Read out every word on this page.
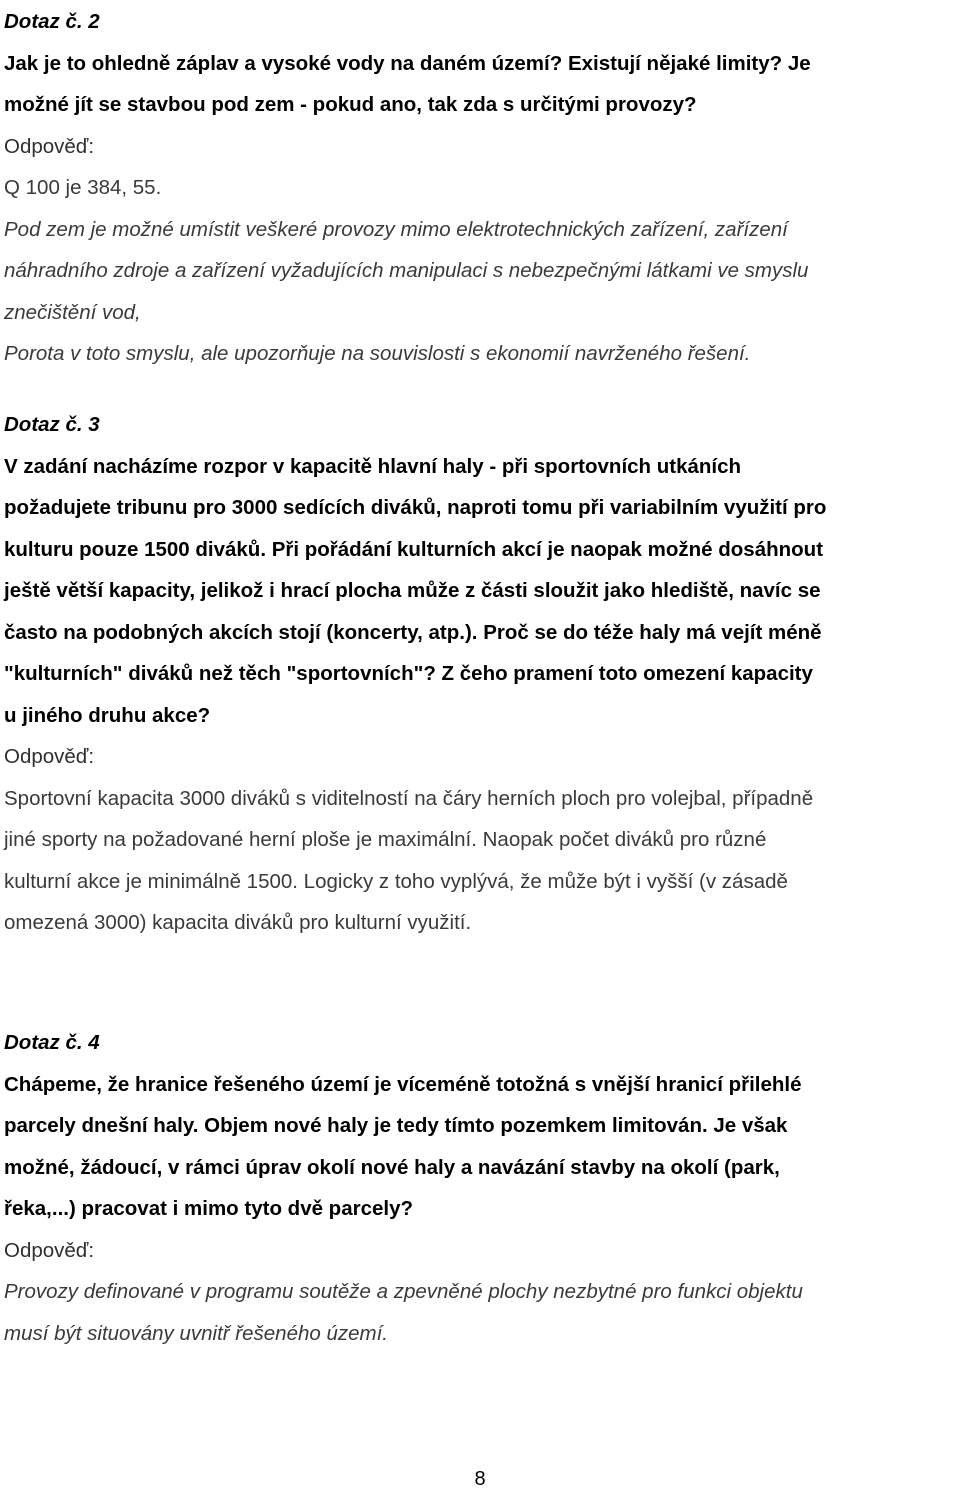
Dotaz č. 2
Jak je to ohledně záplav a vysoké vody na daném území? Existují nějaké limity? Je
možné jít se stavbou pod zem - pokud ano, tak zda s určitými provozy?
Odpověď:
Q 100 je 384, 55.
Pod zem je možné umístit veškeré provozy mimo elektrotechnických zařízení, zařízení
náhradního zdroje a zařízení vyžadujících manipulaci s nebezpečnými látkami ve smyslu
znečištění vod,
Porota v toto smyslu, ale upozorňuje na souvislosti s ekonomií navrženého řešení.
Dotaz č. 3
V zadání nacházíme rozpor v kapacitě hlavní haly - při sportovních utkáních
požadujete tribunu pro 3000 sedících diváků, naproti tomu při variabilním využití pro
kulturu pouze 1500 diváků. Při pořádání kulturních akcí je naopak možné dosáhnout
ještě větší kapacity, jelikož i hrací plocha může z části sloužit jako hlediště, navíc se
často na podobných akcích stojí (koncerty, atp.). Proč se do téže haly má vejít méně
"kulturních" diváků než těch "sportovních"? Z čeho pramení toto omezení kapacity
u jiného druhu akce?
Odpověď:
Sportovní kapacita 3000 diváků s viditelností na čáry herních ploch pro volejbal, případně
jiné sporty na požadované herní ploše je maximální. Naopak počet diváků pro různé
kulturní akce je minimálně 1500. Logicky z toho vyplývá, že může být i vyšší (v zásadě
omezená 3000) kapacita diváků pro kulturní využití.
Dotaz č. 4
Chápeme, že hranice řešeného území je víceméně totožná s vnější hranicí přilehlé
parcely dnešní haly. Objem nové haly je tedy tímto pozemkem limitován. Je však
možné, žádoucí, v rámci úprav okolí nové haly a navázání stavby na okolí (park,
řeka,...) pracovat i mimo tyto dvě parcely?
Odpověď:
Provozy definované v programu soutěže a zpevněné plochy nezbytné pro funkci objektu
musí být situovány uvnitř řešeného území.
8
